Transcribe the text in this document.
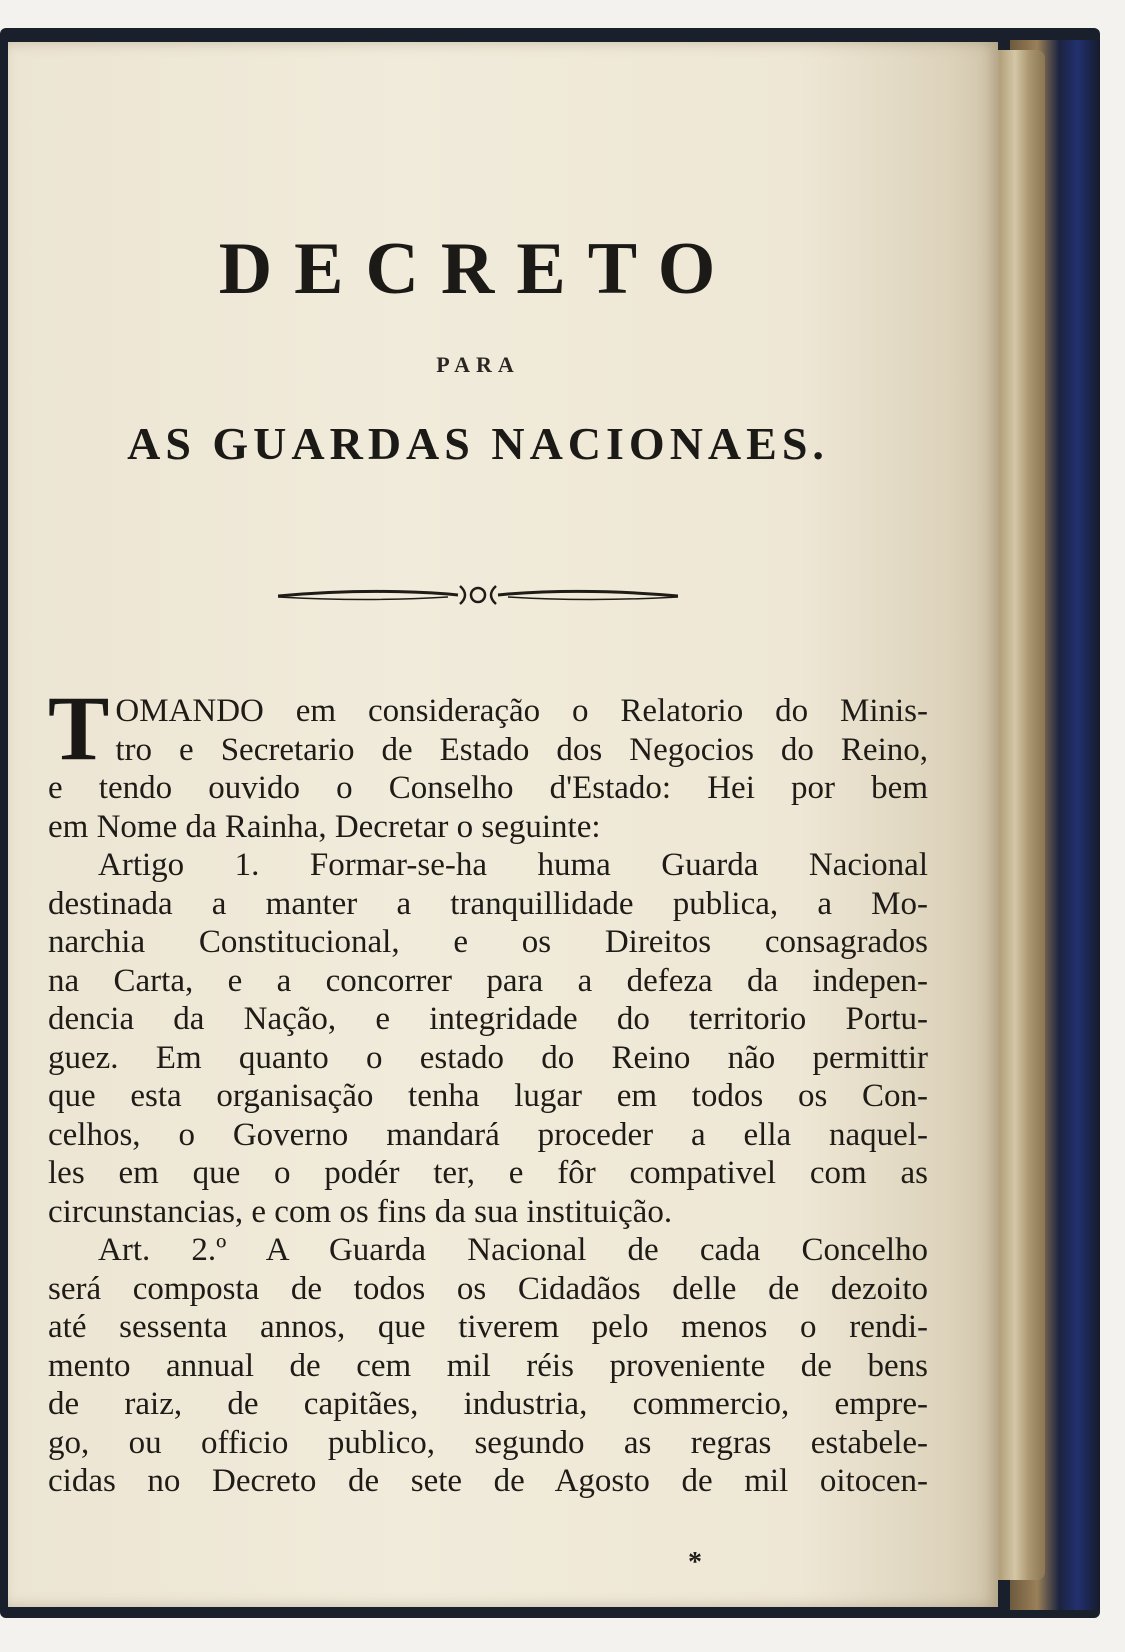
DECRETO
PARA
AS GUARDAS NACIONAES.
T OMANDO em consideração o Relatorio do Minis-
tro e Secretario de Estado dos Negocios do Reino,
e tendo ouvido o Conselho d'Estado: Hei por bem
em Nome da Rainha, Decretar o seguinte:
Artigo 1. Formar-se-ha huma Guarda Nacional
destinada a manter a tranquillidade publica, a Mo-
narchia Constitucional, e os Direitos consagrados
na Carta, e a concorrer para a defeza da indepen-
dencia da Nação, e integridade do territorio Portu-
guez. Em quanto o estado do Reino não permittir
que esta organisação tenha lugar em todos os Con-
celhos, o Governo mandará proceder a ella naquel-
les em que o podér ter, e fôr compativel com as
circunstancias, e com os fins da sua instituição.
Art. 2.º A Guarda Nacional de cada Concelho
será composta de todos os Cidadãos delle de dezoito
até sessenta annos, que tiverem pelo menos o rendi-
mento annual de cem mil réis proveniente de bens
de raiz, de capitães, industria, commercio, empre-
go, ou officio publico, segundo as regras estabele-
cidas no Decreto de sete de Agosto de mil oitocen-
*
